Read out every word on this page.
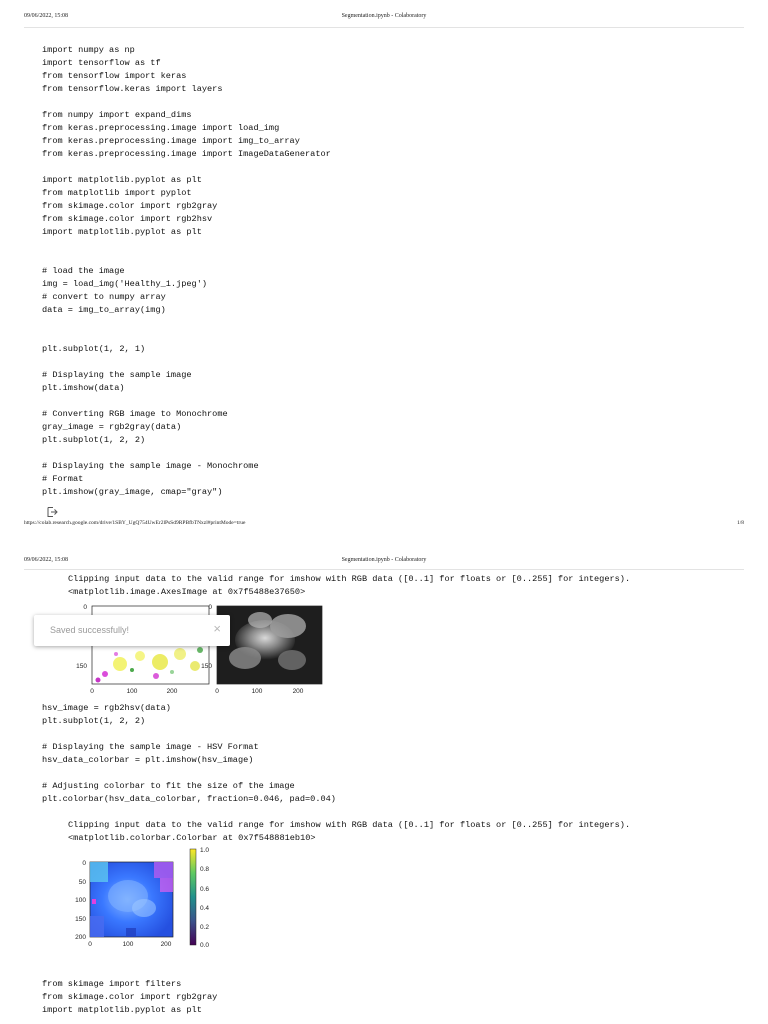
09/06/2022, 15:08	Segmentation.ipynb - Colaboratory
import numpy as np
import tensorflow as tf
from tensorflow import keras
from tensorflow.keras import layers
from numpy import expand_dims
from keras.preprocessing.image import load_img
from keras.preprocessing.image import img_to_array
from keras.preprocessing.image import ImageDataGenerator
import matplotlib.pyplot as plt
from matplotlib import pyplot
from skimage.color import rgb2gray
from skimage.color import rgb2hsv
import matplotlib.pyplot as plt
# load the image
img = load_img('Healthy_1.jpeg')
# convert to numpy array
data = img_to_array(img)
plt.subplot(1, 2, 1)
# Displaying the sample image
plt.imshow(data)
# Converting RGB image to Monochrome
gray_image = rgb2gray(data)
plt.subplot(1, 2, 2)
# Displaying the sample image - Monochrome
# Format
plt.imshow(gray_image, cmap="gray")
https://colab.research.google.com/drive/1SBY_UgQ754UwEr2lPsSd9RPBfbTNxzl#printMode=true	1/8
09/06/2022, 15:08	Segmentation.ipynb - Colaboratory
Clipping input data to the valid range for imshow with RGB data ([0..1] for floats or [0..255] for integers).
<matplotlib.image.AxesImage at 0x7f5488e37650>
0
150
0	100	200
0
150
0	100	200
Saved successfully!	×
hsv_image = rgb2hsv(data)
plt.subplot(1, 2, 2)
# Displaying the sample image - HSV Format
hsv_data_colorbar = plt.imshow(hsv_image)
# Adjusting colorbar to fit the size of the image
plt.colorbar(hsv_data_colorbar, fraction=0.046, pad=0.04)
Clipping input data to the valid range for imshow with RGB data ([0..1] for floats or [0..255] for integers).
<matplotlib.colorbar.Colorbar at 0x7f548881eb10>
0
50
100
150
200
0	100	200
1.0
0.8
0.6
0.4
0.2
0.0
from skimage import filters
from skimage.color import rgb2gray
import matplotlib.pyplot as plt
